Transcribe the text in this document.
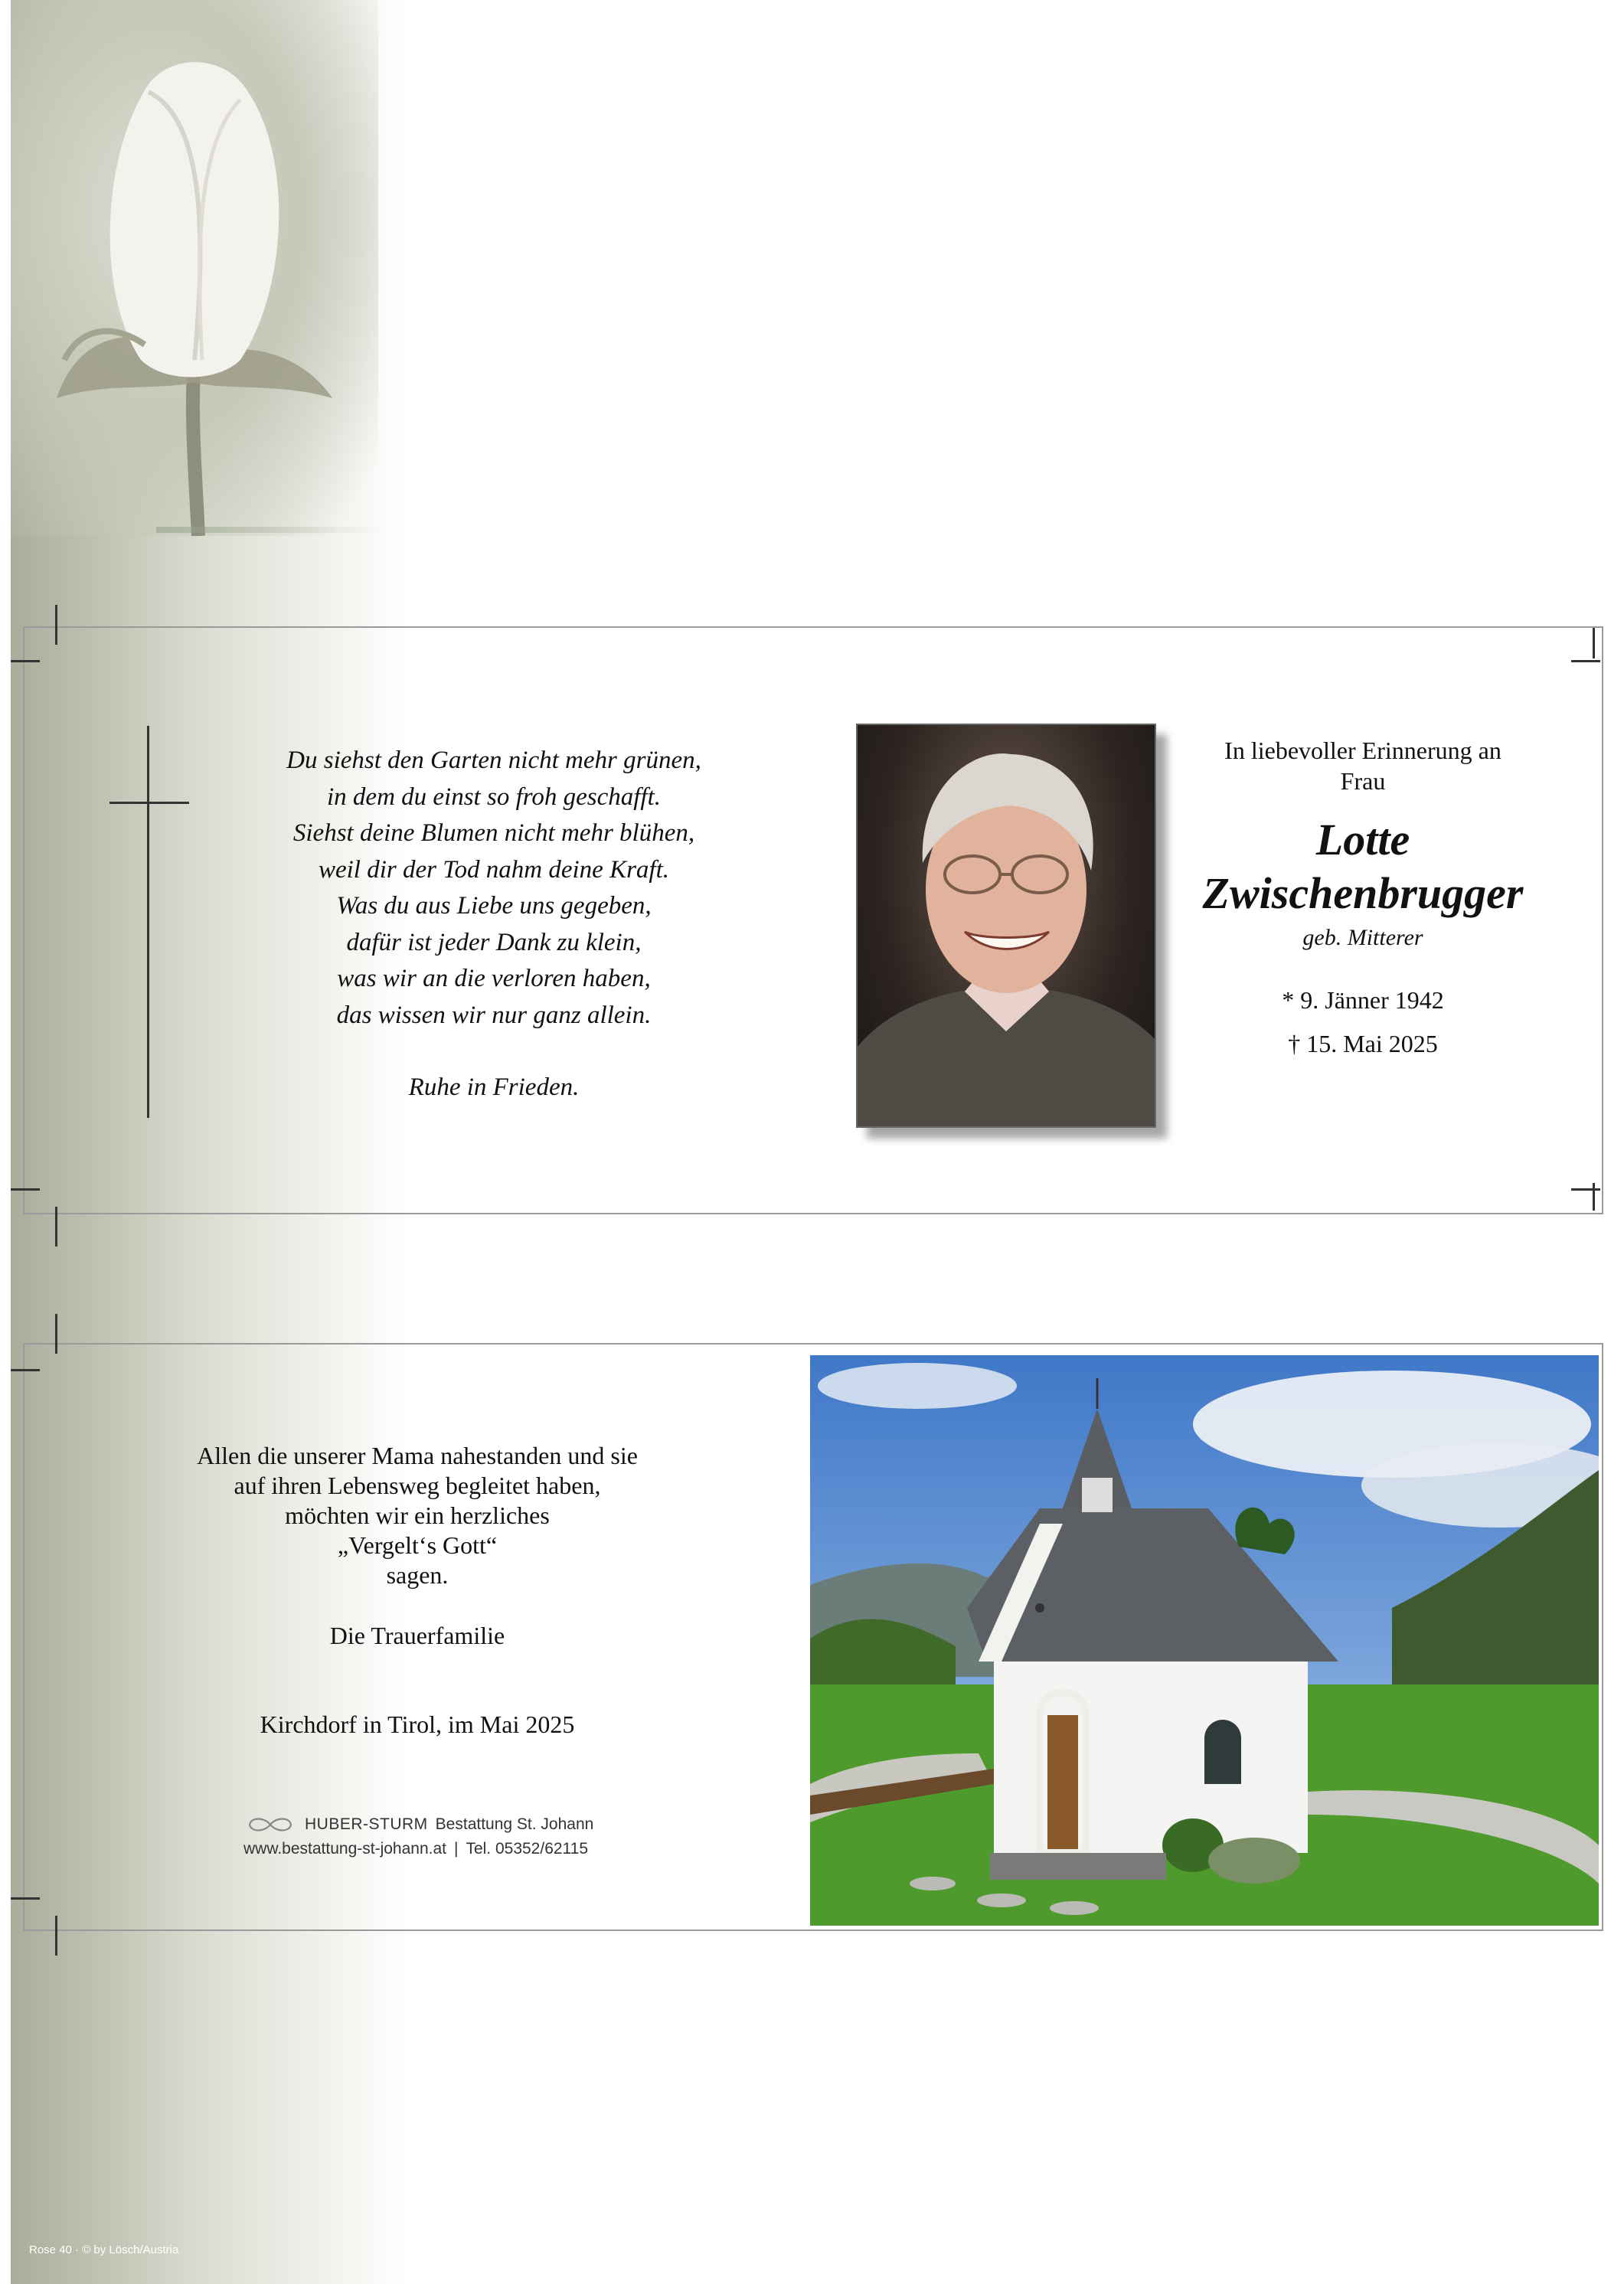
Du siehst den Garten nicht mehr grünen,
in dem du einst so froh geschafft.
Siehst deine Blumen nicht mehr blühen,
weil dir der Tod nahm deine Kraft.
Was du aus Liebe uns gegeben,
dafür ist jeder Dank zu klein,
was wir an die verloren haben,
das wissen wir nur ganz allein.
Ruhe in Frieden.
In liebevoller Erinnerung an
Frau
Lotte
Zwischenbrugger
geb. Mitterer
* 9. Jänner 1942
† 15. Mai 2025
Allen die unserer Mama nahestanden und sie
auf ihren Lebensweg begleitet haben,
möchten wir ein herzliches
„Vergelt‘s Gott“
sagen.
Die Trauerfamilie
Kirchdorf in Tirol, im Mai 2025
HUBER-STURM Bestattung St. Johann
www.bestattung-st-johann.at | Tel. 05352/62115
Rose 40 · © by Lösch/Austria
